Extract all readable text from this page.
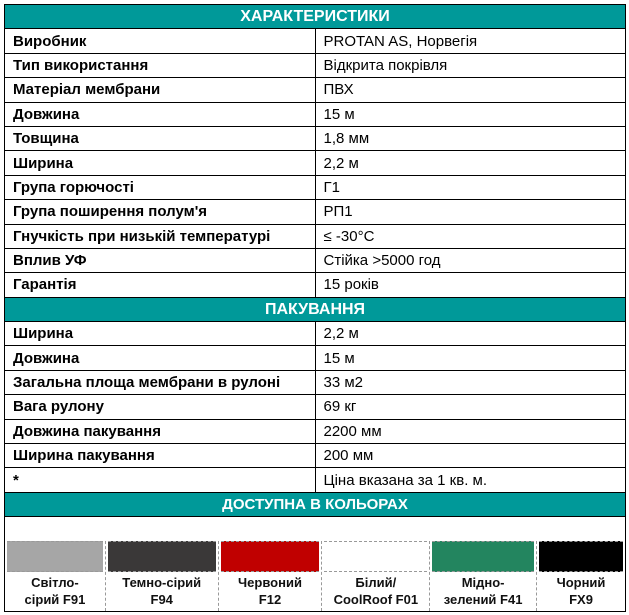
ХАРАКТЕРИСТИКИ	
Виробник	PROTAN AS, Норвегія
Тип використання	Відкрита покрівля
Матеріал мембрани	ПВХ
Довжина	15 м
Товщина	1,8 мм
Ширина	2,2 м
Група горючості	Г1
Група поширення полум'я	РП1
Гнучкість при низькій температурі	≤ -30°C
Вплив УФ	Стійка >5000 год
Гарантія	15 років
ПАКУВАННЯ	
Ширина	2,2 м
Довжина	15 м
Загальна площа мембрани в рулоні	33 м2
Вага рулону	69 кг
Довжина пакування	2200 мм
Ширина пакування	200 мм
*	Ціна вказана за 1 кв. м.
ДОСТУПНА В КОЛЬОРАХ	
Світло-
сірий F91
Темно-сірий
F94
Червоний
F12
Білий/
CoolRoof F01
Мідно-
зелений F41
Чорний
FX9
